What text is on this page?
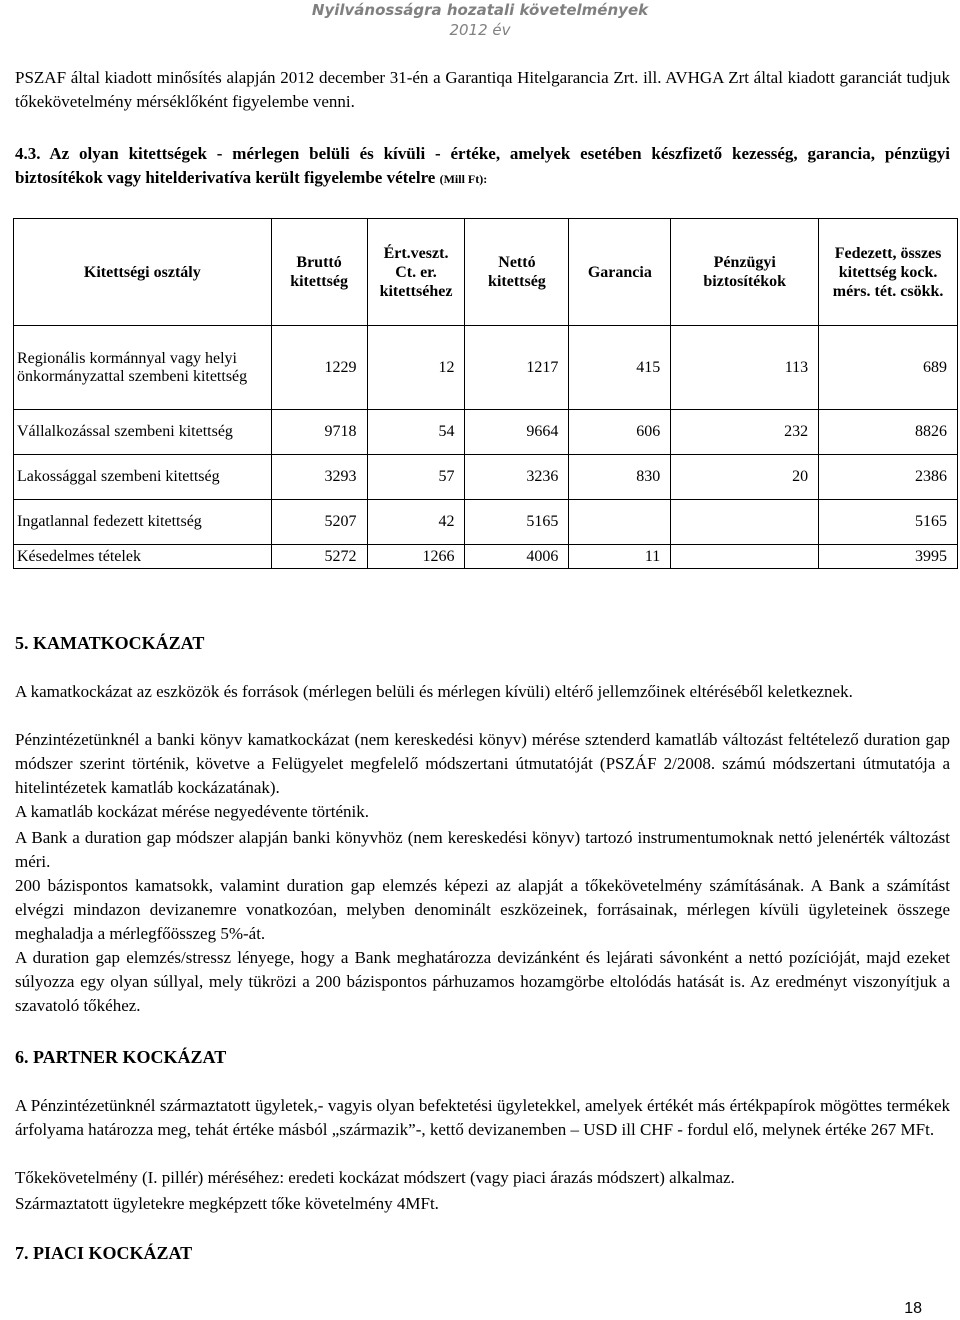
Nyilvánosságra hozatali követelmények
2012 év
PSZAF által kiadott minősítés alapján 2012 december 31-én a Garantiqa Hitelgarancia Zrt. ill. AVHGA Zrt által kiadott garanciát tudjuk tőkekövetelmény mérséklőként figyelembe venni.
4.3. Az olyan kitettségek - mérlegen belüli és kívüli - értéke, amelyek esetében készfizető kezesség, garancia, pénzügyi biztosítékok vagy hitelderivatíva került figyelembe vételre (Mill Ft):
Kitettségi osztály	Bruttó kitettség	Ért.veszt. Ct. er. kitettséhez	Nettó kitettség	Garancia	Pénzügyi biztosítékok	Fedezett, összes kitettség kock. mérs. tét. csökk.
Regionális kormánnyal vagy helyi önkormányzattal szembeni kitettség	1229	12	1217	415	113	689
Vállalkozással szembeni kitettség	9718	54	9664	606	232	8826
Lakossággal szembeni kitettség	3293	57	3236	830	20	2386
Ingatlannal fedezett kitettség	5207	42	5165			5165
Késedelmes tételek	5272	1266	4006	11		3995
5. KAMATKOCKÁZAT
A kamatkockázat az eszközök és források (mérlegen belüli és mérlegen kívüli) eltérő jellemzőinek eltéréséből keletkeznek.
Pénzintézetünknél a banki könyv kamatkockázat (nem kereskedési könyv) mérése sztenderd kamatláb változást feltételező duration gap módszer szerint történik, követve a Felügyelet megfelelő módszertani útmutatóját (PSZÁF 2/2008. számú módszertani útmutatója a hitelintézetek kamatláb kockázatának).
A kamatláb kockázat mérése negyedévente történik.
A Bank a duration gap módszer alapján banki könyvhöz (nem kereskedési könyv) tartozó instrumentumoknak nettó jelenérték változást méri.
200 bázispontos kamatsokk, valamint duration gap elemzés képezi az alapját a tőkekövetelmény számításának. A Bank a számítást elvégzi mindazon devizanemre vonatkozóan, melyben denominált eszközeinek, forrásainak, mérlegen kívüli ügyleteinek összege meghaladja a mérlegfőösszeg 5%-át.
A duration gap elemzés/stressz lényege, hogy a Bank meghatározza devizánként és lejárati sávonként a nettó pozícióját, majd ezeket súlyozza egy olyan súllyal, mely tükrözi a 200 bázispontos párhuzamos hozamgörbe eltolódás hatását is. Az eredményt viszonyítjuk a szavatoló tőkéhez.
6. PARTNER KOCKÁZAT
A Pénzintézetünknél származtatott ügyletek,- vagyis olyan befektetési ügyletekkel, amelyek értékét más értékpapírok mögöttes termékek árfolyama határozza meg, tehát értéke másból „származik”-, kettő devizanemben – USD ill CHF - fordul elő, melynek értéke 267 MFt.
Tőkekövetelmény (I. pillér) méréséhez: eredeti kockázat módszert (vagy piaci árazás módszert) alkalmaz.
Származtatott ügyletekre megképzett tőke követelmény 4MFt.
7. PIACI KOCKÁZAT
18
